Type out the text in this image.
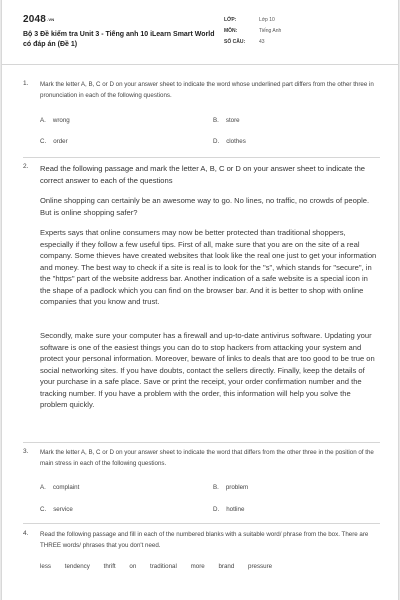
2048.VN
Bộ 3 Đề kiểm tra Unit 3 - Tiếng anh 10 iLearn Smart World có đáp án (Đề 1)
LỚP:	Lớp 10
MÔN:	Tiếng Anh
SỐ CÂU:	43
1. Mark the letter A, B, C or D on your answer sheet to indicate the word whose underlined part differs from the other three in pronunciation in each of the following questions.
A. wrong	B. store
C. order	D. clothes
2. Read the following passage and mark the letter A, B, C or D on your answer sheet to indicate the correct answer to each of the questions

Online shopping can certainly be an awesome way to go. No lines, no traffic, no crowds of people. But is online shopping safer?

Experts says that online consumers may now be better protected than traditional shoppers, especially if they follow a few useful tips. First of all, make sure that you are on the site of a real company. Some thieves have created websites that look like the real one just to get your information and money. The best way to check if a site is real is to look for the "s", which stands for "secure", in the "https" part of the website address bar. Another indication of a safe website is a special icon in the shape of a padlock which you can find on the browser bar. And it is better to shop with online companies that you know and trust.

Secondly, make sure your computer has a firewall and up-to-date antivirus software. Updating your software is one of the easiest things you can do to stop hackers from attacking your system and protect your personal information. Moreover, beware of links to deals that are too good to be true on social networking sites. If you have doubts, contact the sellers directly. Finally, keep the details of your purchase in a safe place. Save or print the receipt, your order confirmation number and the tracking number. If you have a problem with the order, this information will help you solve the problem quickly.

3. Mark the letter A, B, C or D on your answer sheet to indicate the word that differs from the other three in the position of the main stress in each of the following questions.
A. complaint	B. problem
C. service	D. hotline
4. Read the following passage and fill in each of the numbered blanks with a suitable word/ phrase from the box. There are THREE words/ phrases that you don't need.
less tendency thrift on traditional more brand pressure
